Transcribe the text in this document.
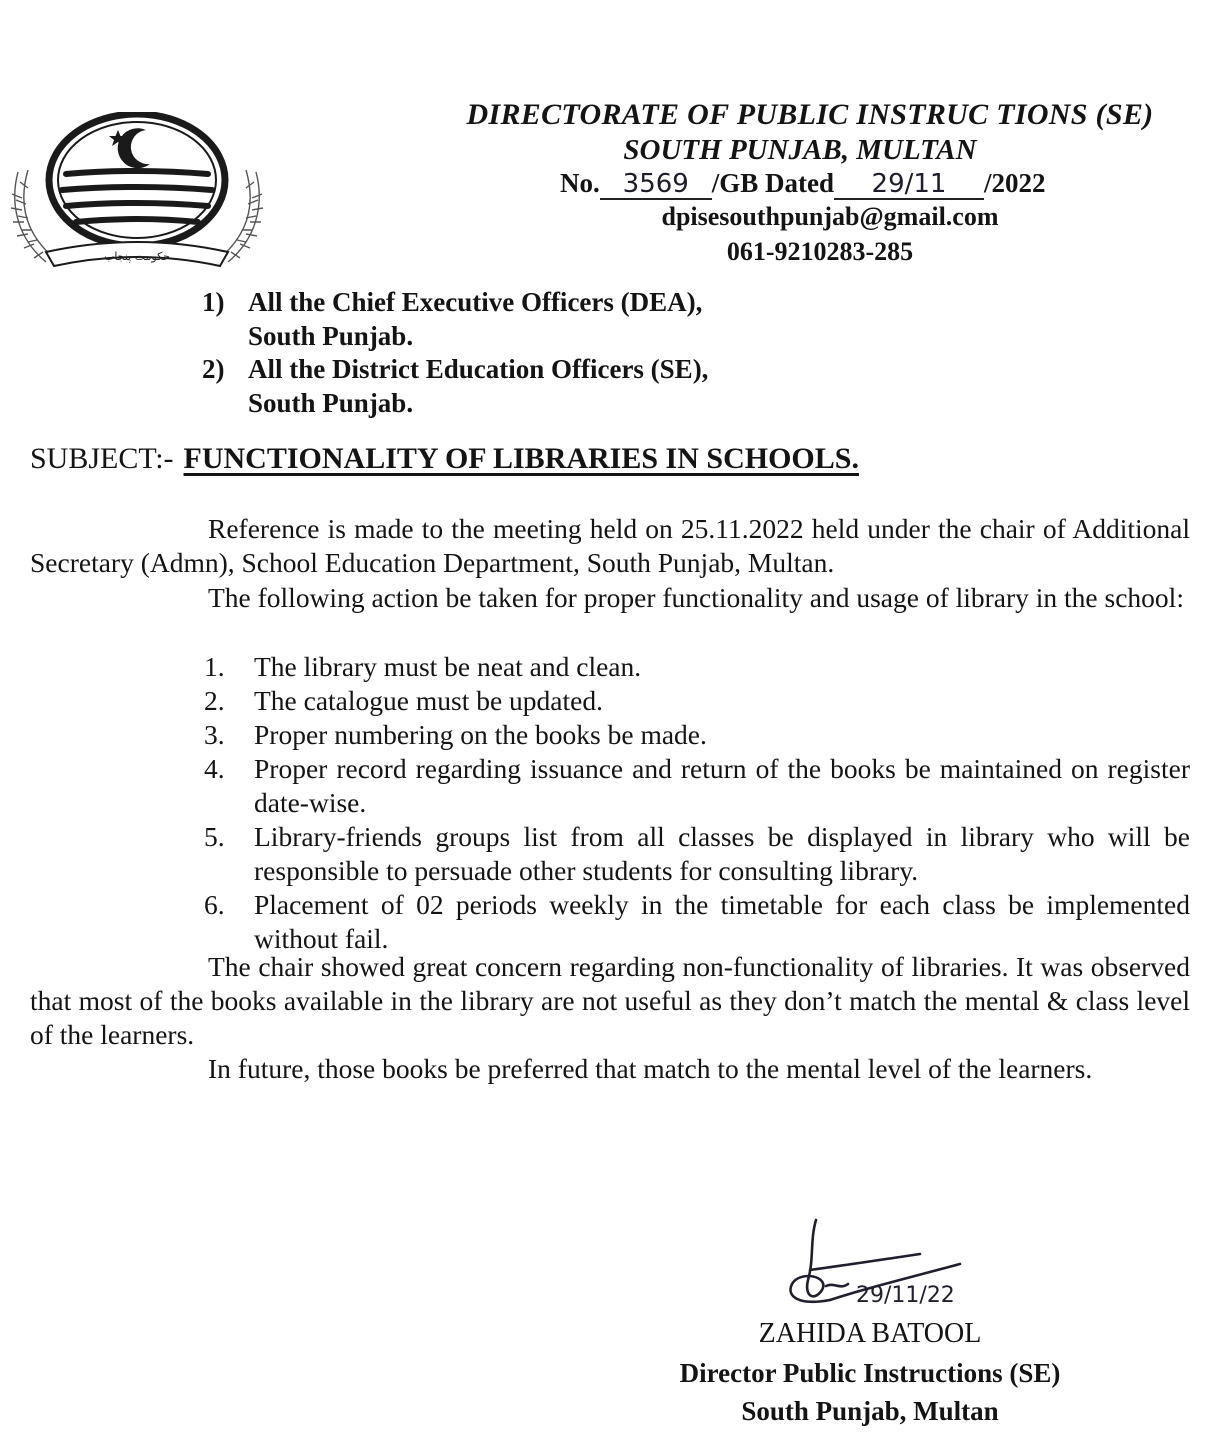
حکومت پنجاب
DIRECTORATE OF PUBLIC INSTRUC TIONS (SE)
SOUTH PUNJAB, MULTAN
No. 3569 /GB Dated 29/11 /2022
dpisesouthpunjab@gmail.com
061-9210283-285
1) All the Chief Executive Officers (DEA),
South Punjab.
2) All the District Education Officers (SE),
South Punjab.
SUBJECT:- FUNCTIONALITY OF LIBRARIES IN SCHOOLS.
Reference is made to the meeting held on 25.11.2022 held under the chair of Additional Secretary (Admn), School Education Department, South Punjab, Multan.
The following action be taken for proper functionality and usage of library in the school:
1.	The library must be neat and clean.
2.	The catalogue must be updated.
3.	Proper numbering on the books be made.
4.	Proper record regarding issuance and return of the books be maintained on register date-wise.
5.	Library-friends groups list from all classes be displayed in library who will be responsible to persuade other students for consulting library.
6.	Placement of 02 periods weekly in the timetable for each class be implemented without fail.
The chair showed great concern regarding non-functionality of libraries. It was observed that most of the books available in the library are not useful as they don’t match the mental & class level of the learners.
In future, those books be preferred that match to the mental level of the learners.
29/11/22
ZAHIDA BATOOL
Director Public Instructions (SE)
South Punjab, Multan
